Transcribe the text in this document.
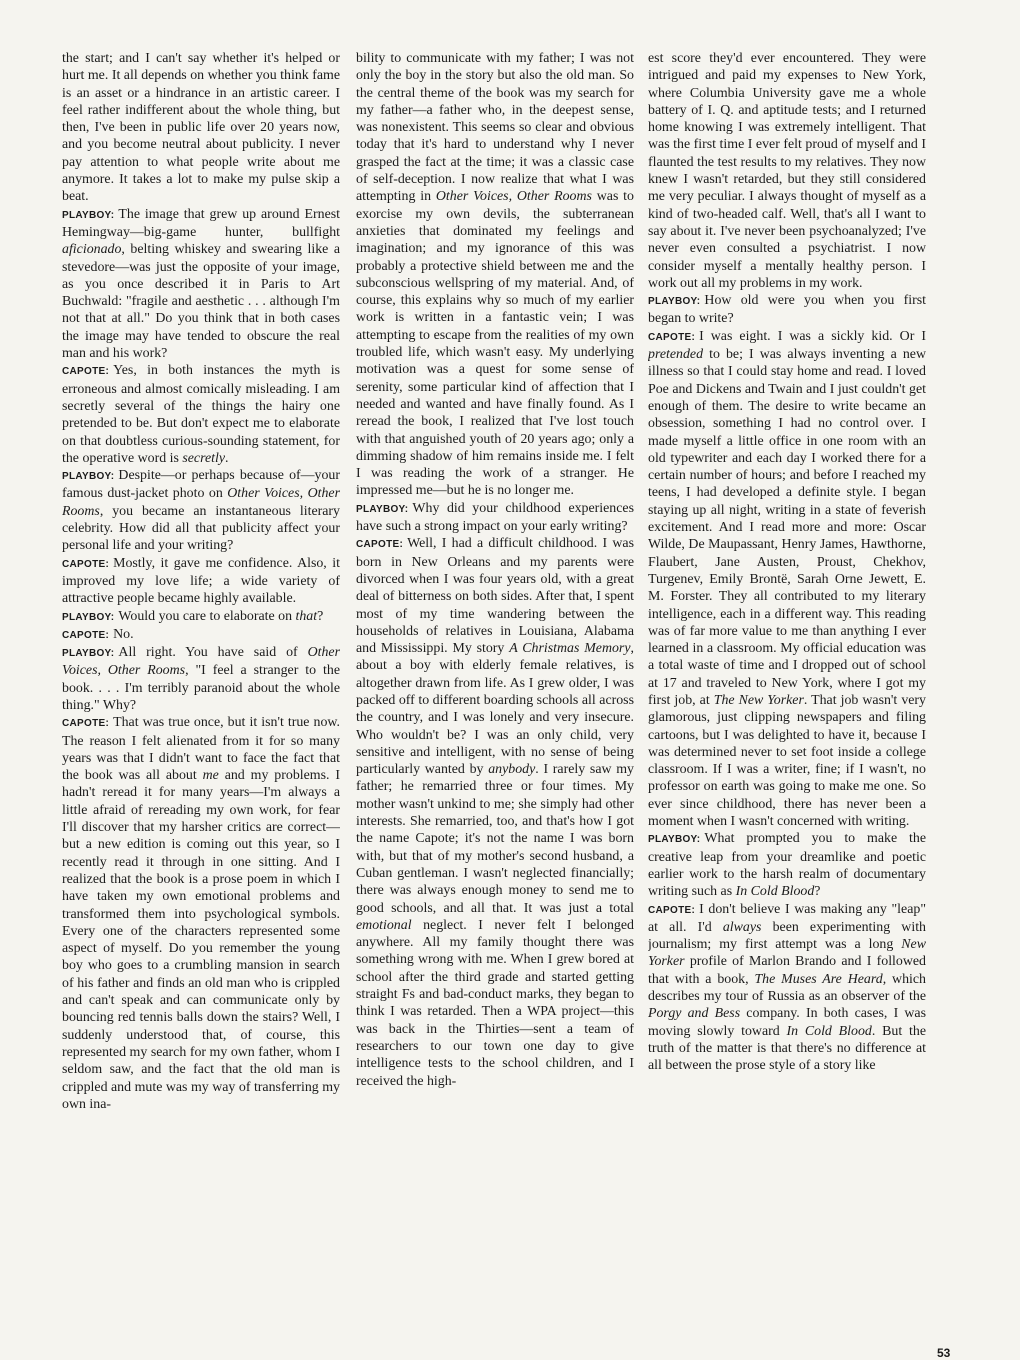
the start; and I can't say whether it's helped or hurt me. It all depends on whether you think fame is an asset or a hindrance in an artistic career. I feel rather indifferent about the whole thing, but then, I've been in public life over 20 years now, and you become neutral about publicity. I never pay attention to what people write about me anymore. It takes a lot to make my pulse skip a beat.

PLAYBOY: The image that grew up around Ernest Hemingway—big-game hunter, bullfight aficionado, belting whiskey and swearing like a stevedore—was just the opposite of your image, as you once described it in Paris to Art Buchwald: "fragile and aesthetic . . . although I'm not that at all." Do you think that in both cases the image may have tended to obscure the real man and his work?

CAPOTE: Yes, in both instances the myth is erroneous and almost comically misleading. I am secretly several of the things the hairy one pretended to be. But don't expect me to elaborate on that doubtless curious-sounding statement, for the operative word is secretly.

PLAYBOY: Despite—or perhaps because of—your famous dust-jacket photo on Other Voices, Other Rooms, you became an instantaneous literary celebrity. How did all that publicity affect your personal life and your writing?

CAPOTE: Mostly, it gave me confidence. Also, it improved my love life; a wide variety of attractive people became highly available.

PLAYBOY: Would you care to elaborate on that?

CAPOTE: No.

PLAYBOY: All right. You have said of Other Voices, Other Rooms, "I feel a stranger to the book. . . . I'm terribly paranoid about the whole thing." Why?

CAPOTE: That was true once, but it isn't true now. The reason I felt alienated from it for so many years was that I didn't want to face the fact that the book was all about me and my problems. I hadn't reread it for many years—I'm always a little afraid of rereading my own work, for fear I'll discover that my harsher critics are correct—but a new edition is coming out this year, so I recently read it through in one sitting. And I realized that the book is a prose poem in which I have taken my own emotional problems and transformed them into psychological symbols. Every one of the characters represented some aspect of myself. Do you remember the young boy who goes to a crumbling mansion in search of his father and finds an old man who is crippled and can't speak and can communicate only by bouncing red tennis balls down the stairs? Well, I suddenly understood that, of course, this represented my search for my own father, whom I seldom saw, and the fact that the old man is crippled and mute was my way of transferring my own ina-

bility to communicate with my father; I was not only the boy in the story but also the old man. So the central theme of the book was my search for my father—a father who, in the deepest sense, was nonexistent. This seems so clear and obvious today that it's hard to understand why I never grasped the fact at the time; it was a classic case of self-deception. I now realize that what I was attempting in Other Voices, Other Rooms was to exorcise my own devils, the subterranean anxieties that dominated my feelings and imagination; and my ignorance of this was probably a protective shield between me and the subconscious wellspring of my material. And, of course, this explains why so much of my earlier work is written in a fantastic vein; I was attempting to escape from the realities of my own troubled life, which wasn't easy. My underlying motivation was a quest for some sense of serenity, some particular kind of affection that I needed and wanted and have finally found. As I reread the book, I realized that I've lost touch with that anguished youth of 20 years ago; only a dimming shadow of him remains inside me. I felt I was reading the work of a stranger. He impressed me—but he is no longer me.

PLAYBOY: Why did your childhood experiences have such a strong impact on your early writing?

CAPOTE: Well, I had a difficult childhood. I was born in New Orleans and my parents were divorced when I was four years old, with a great deal of bitterness on both sides. After that, I spent most of my time wandering between the households of relatives in Louisiana, Alabama and Mississippi. My story A Christmas Memory, about a boy with elderly female relatives, is altogether drawn from life. As I grew older, I was packed off to different boarding schools all across the country, and I was lonely and very insecure. Who wouldn't be? I was an only child, very sensitive and intelligent, with no sense of being particularly wanted by anybody. I rarely saw my father; he remarried three or four times. My mother wasn't unkind to me; she simply had other interests. She remarried, too, and that's how I got the name Capote; it's not the name I was born with, but that of my mother's second husband, a Cuban gentleman. I wasn't neglected financially; there was always enough money to send me to good schools, and all that. It was just a total emotional neglect. I never felt I belonged anywhere. All my family thought there was something wrong with me. When I grew bored at school after the third grade and started getting straight Fs and bad-conduct marks, they began to think I was retarded. Then a WPA project—this was back in the Thirties—sent a team of researchers to our town one day to give intelligence tests to the school children, and I received the high-

est score they'd ever encountered. They were intrigued and paid my expenses to New York, where Columbia University gave me a whole battery of I. Q. and aptitude tests; and I returned home knowing I was extremely intelligent. That was the first time I ever felt proud of myself and I flaunted the test results to my relatives. They now knew I wasn't retarded, but they still considered me very peculiar. I always thought of myself as a kind of two-headed calf. Well, that's all I want to say about it. I've never been psychoanalyzed; I've never even consulted a psychiatrist. I now consider myself a mentally healthy person. I work out all my problems in my work.

PLAYBOY: How old were you when you first began to write?

CAPOTE: I was eight. I was a sickly kid. Or I pretended to be; I was always inventing a new illness so that I could stay home and read. I loved Poe and Dickens and Twain and I just couldn't get enough of them. The desire to write became an obsession, something I had no control over. I made myself a little office in one room with an old typewriter and each day I worked there for a certain number of hours; and before I reached my teens, I had developed a definite style. I began staying up all night, writing in a state of feverish excitement. And I read more and more: Oscar Wilde, De Maupassant, Henry James, Hawthorne, Flaubert, Jane Austen, Proust, Chekhov, Turgenev, Emily Brontë, Sarah Orne Jewett, E. M. Forster. They all contributed to my literary intelligence, each in a different way. This reading was of far more value to me than anything I ever learned in a classroom. My official education was a total waste of time and I dropped out of school at 17 and traveled to New York, where I got my first job, at The New Yorker. That job wasn't very glamorous, just clipping newspapers and filing cartoons, but I was delighted to have it, because I was determined never to set foot inside a college classroom. If I was a writer, fine; if I wasn't, no professor on earth was going to make me one. So ever since childhood, there has never been a moment when I wasn't concerned with writing.

PLAYBOY: What prompted you to make the creative leap from your dreamlike and poetic earlier work to the harsh realm of documentary writing such as In Cold Blood?

CAPOTE: I don't believe I was making any "leap" at all. I'd always been experimenting with journalism; my first attempt was a long New Yorker profile of Marlon Brando and I followed that with a book, The Muses Are Heard, which describes my tour of Russia as an observer of the Porgy and Bess company. In both cases, I was moving slowly toward In Cold Blood. But the truth of the matter is that there's no difference at all between the prose style of a story like

53
